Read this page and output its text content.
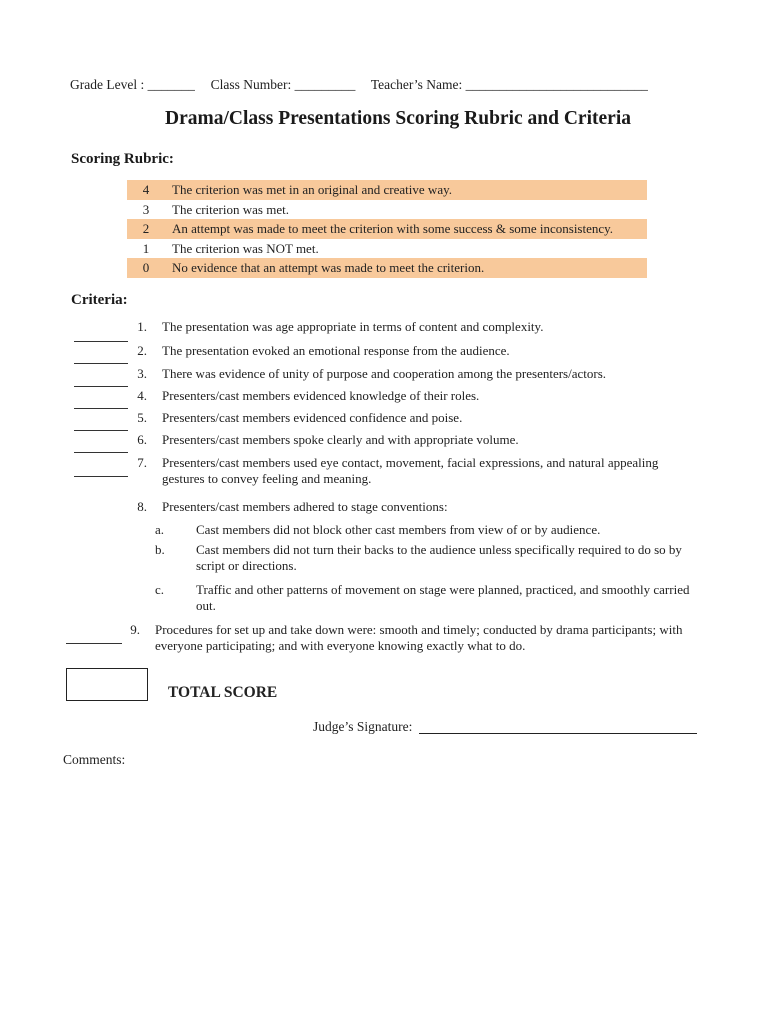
Grade Level : _______ Class Number: _________ Teacher’s Name: ___________________________
Drama/Class Presentations Scoring Rubric and Criteria
Scoring Rubric:
4	The criterion was met in an original and creative way.
3	The criterion was met.
2	An attempt was made to meet the criterion with some success & some inconsistency.
1	The criterion was NOT met.
0	No evidence that an attempt was made to meet the criterion.
Criteria:
1. The presentation was age appropriate in terms of content and complexity.
2. The presentation evoked an emotional response from the audience.
3. There was evidence of unity of purpose and cooperation among the presenters/actors.
4. Presenters/cast members evidenced knowledge of their roles.
5. Presenters/cast members evidenced confidence and poise.
6. Presenters/cast members spoke clearly and with appropriate volume.
7. Presenters/cast members used eye contact, movement, facial expressions, and natural appealing gestures to convey feeling and meaning.
8. Presenters/cast members adhered to stage conventions:
a. Cast members did not block other cast members from view of or by audience.
b. Cast members did not turn their backs to the audience unless specifically required to do so by script or directions.
c. Traffic and other patterns of movement on stage were planned, practiced, and smoothly carried out.
9. Procedures for set up and take down were: smooth and timely; conducted by drama participants; with everyone participating; and with everyone knowing exactly what to do.
TOTAL SCORE
Judge’s Signature:
Comments:
